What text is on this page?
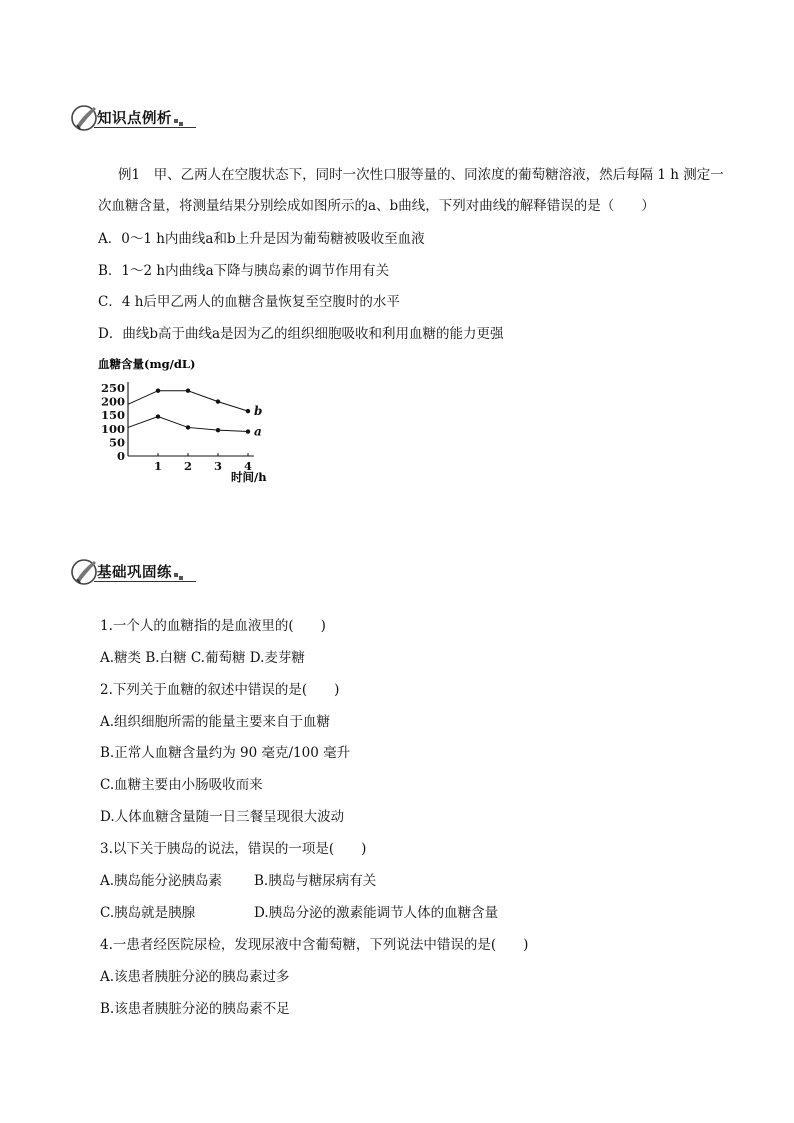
知识点例析
例1　甲、乙两人在空腹状态下，同时一次性口服等量的、同浓度的葡萄糖溶液，然后每隔 1 h 测定一
次血糖含量，将测量结果分别绘成如图所示的a、b曲线，下列对曲线的解释错误的是（　　）
A．0～1 h内曲线a和b上升是因为葡萄糖被吸收至血液
B．1～2 h内曲线a下降与胰岛素的调节作用有关
C．4 h后甲乙两人的血糖含量恢复至空腹时的水平
D．曲线b高于曲线a是因为乙的组织细胞吸收和利用血糖的能力更强
血糖含量(mg/dL)
0
50
100
150
200
250
1 2 3 4
b
a
时间/h
基础巩固练
1.一个人的血糖指的是血液里的(　　)
A.糖类 B.白糖 C.葡萄糖 D.麦芽糖
2.下列关于血糖的叙述中错误的是(　　)
A.组织细胞所需的能量主要来自于血糖
B.正常人血糖含量约为 90 毫克/100 毫升
C.血糖主要由小肠吸收而来
D.人体血糖含量随一日三餐呈现很大波动
3.以下关于胰岛的说法，错误的一项是(　　)
A.胰岛能分泌胰岛素 B.胰岛与糖尿病有关
C.胰岛就是胰腺	D.胰岛分泌的激素能调节人体的血糖含量
4.一患者经医院尿检，发现尿液中含葡萄糖，下列说法中错误的是(　　)
A.该患者胰脏分泌的胰岛素过多
B.该患者胰脏分泌的胰岛素不足
